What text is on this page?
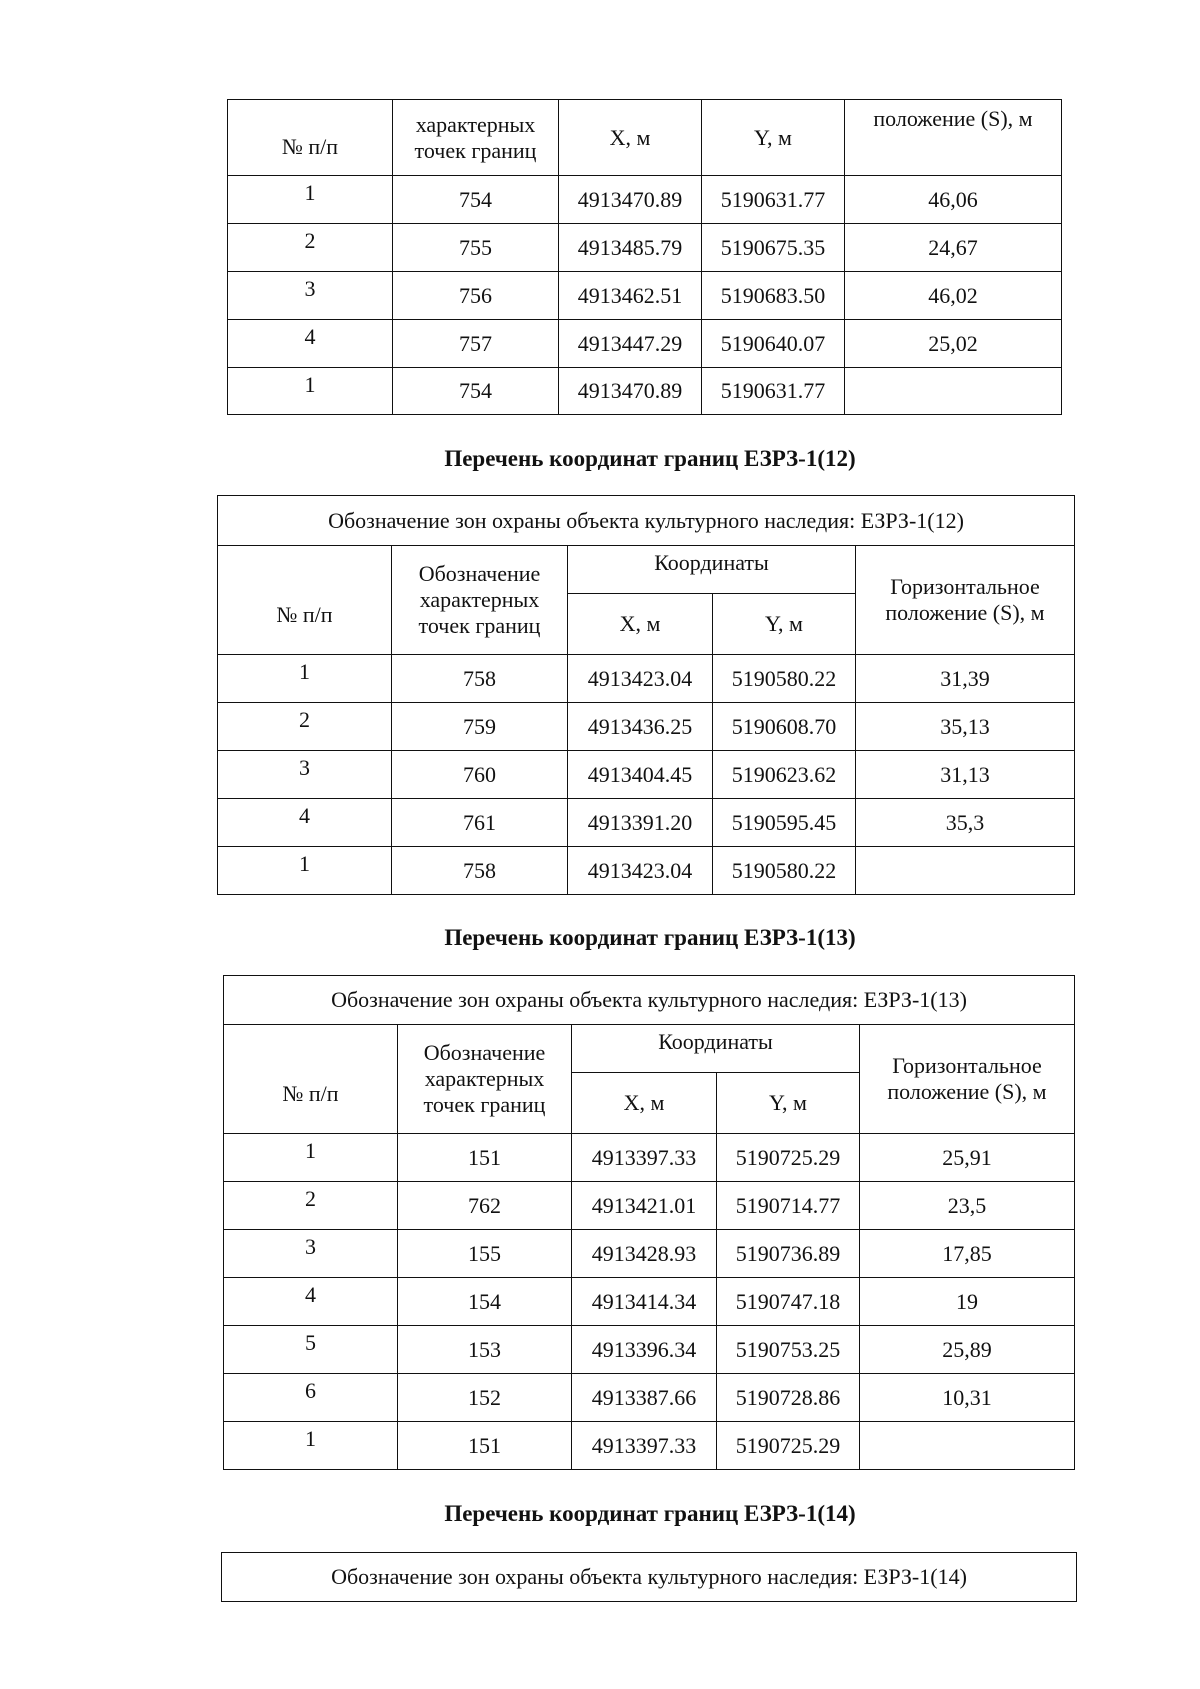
№ п/п	характерных точек границ	X, м	Y, м	положение (S), м
1	754	4913470.89	5190631.77	46,06
2	755	4913485.79	5190675.35	24,67
3	756	4913462.51	5190683.50	46,02
4	757	4913447.29	5190640.07	25,02
1	754	4913470.89	5190631.77	
Перечень координат границ ЕЗРЗ-1(12)
Обозначение зон охраны объекта культурного наследия: ЕЗРЗ-1(12)				
№ п/п	Обозначение характерных точек границ	Координаты		Горизонтальное положение (S), м
		X, м	Y, м	
1	758	4913423.04	5190580.22	31,39
2	759	4913436.25	5190608.70	35,13
3	760	4913404.45	5190623.62	31,13
4	761	4913391.20	5190595.45	35,3
1	758	4913423.04	5190580.22	
Перечень координат границ ЕЗРЗ-1(13)
Обозначение зон охраны объекта культурного наследия: ЕЗРЗ-1(13)				
№ п/п	Обозначение характерных точек границ	Координаты		Горизонтальное положение (S), м
		X, м	Y, м	
1	151	4913397.33	5190725.29	25,91
2	762	4913421.01	5190714.77	23,5
3	155	4913428.93	5190736.89	17,85
4	154	4913414.34	5190747.18	19
5	153	4913396.34	5190753.25	25,89
6	152	4913387.66	5190728.86	10,31
1	151	4913397.33	5190725.29	
Перечень координат границ ЕЗРЗ-1(14)
Обозначение зон охраны объекта культурного наследия: ЕЗРЗ-1(14)
